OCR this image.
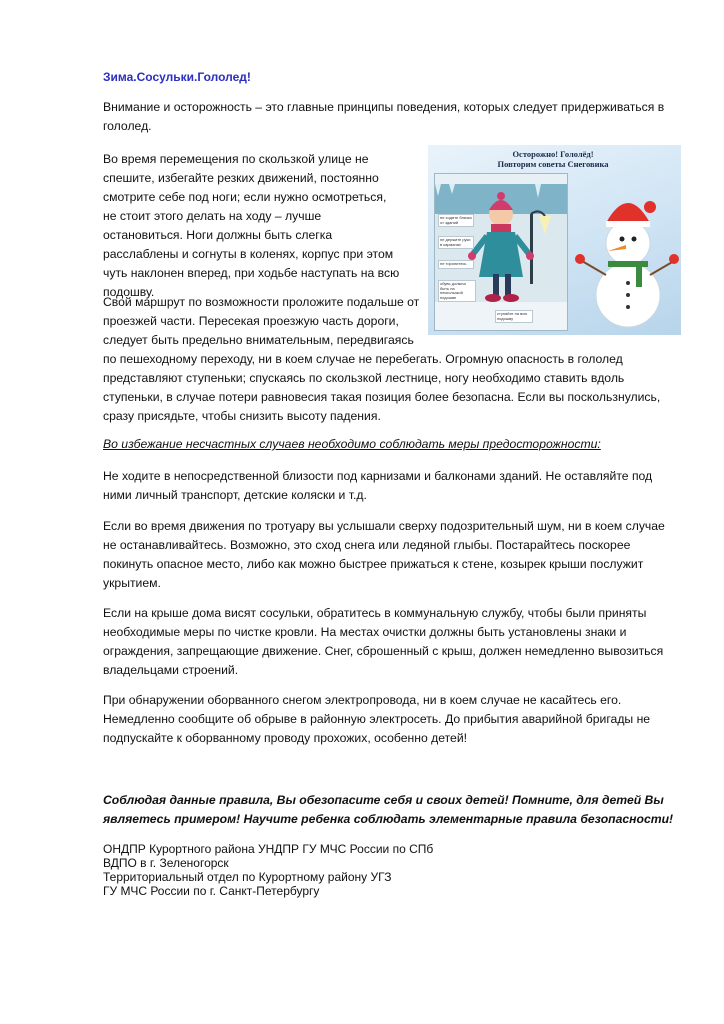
Зима.Сосульки.Гололед!

Внимание и осторожность – это главные принципы поведения, которых следует придерживаться в гололед.

Во время перемещения по скользкой улице не спешите, избегайте резких движений, постоянно смотрите себе под ноги; если нужно осмотреться, не стоит этого делать на ходу – лучше остановиться. Ноги должны быть слегка расслаблены и согнуты в коленях, корпус при этом чуть наклонен вперед, при ходьбе наступать на всю подошву.

Осторожно! Гололёд!
Повторим советы Снеговика
не ходите близко от зданий
не держите руки в карманах
не торопитесь
обувь должна быть на нескользкой подошве
ступайте на всю подошву

Свой маршрут по возможности проложите подальше от проезжей части. Пересекая проезжую часть дороги, следует быть предельно внимательным, передвигаясь
по пешеходному переходу, ни в коем случае не перебегать. Огромную опасность в гололед представляют ступеньки; спускаясь по скользкой лестнице, ногу необходимо ставить вдоль ступеньки, в случае потери равновесия такая позиция более безопасна. Если вы поскользнулись, сразу присядьте, чтобы снизить высоту падения.

Во избежание несчастных случаев необходимо соблюдать меры предосторожности:

Не ходите в непосредственной близости под карнизами и балконами зданий. Не оставляйте под ними личный транспорт, детские коляски и т.д.

Если во время движения по тротуару вы услышали сверху подозрительный шум, ни в коем случае не останавливайтесь. Возможно, это сход снега или ледяной глыбы. Постарайтесь поскорее покинуть опасное место, либо как можно быстрее прижаться к стене, козырек крыши послужит укрытием.

Если на крыше дома висят сосульки, обратитесь в коммунальную службу, чтобы были приняты необходимые меры по чистке кровли. На местах очистки должны быть установлены знаки и ограждения, запрещающие движение. Снег, сброшенный с крыш, должен немедленно вывозиться владельцами строений.

При обнаружении оборванного снегом электропровода, ни в коем случае не касайтесь его. Немедленно сообщите об обрыве в районную электросеть. До прибытия аварийной бригады не подпускайте к оборванному проводу прохожих, особенно детей!

Соблюдая данные правила, Вы обезопасите себя и своих детей! Помните, для детей Вы являетесь примером! Научите ребенка соблюдать элементарные правила безопасности!
ОНДПР Курортного района УНДПР ГУ МЧС России по СПб
ВДПО в г. Зеленогорск
Территориальный отдел по Курортному району УГЗ
ГУ МЧС России по г. Санкт-Петербургу
